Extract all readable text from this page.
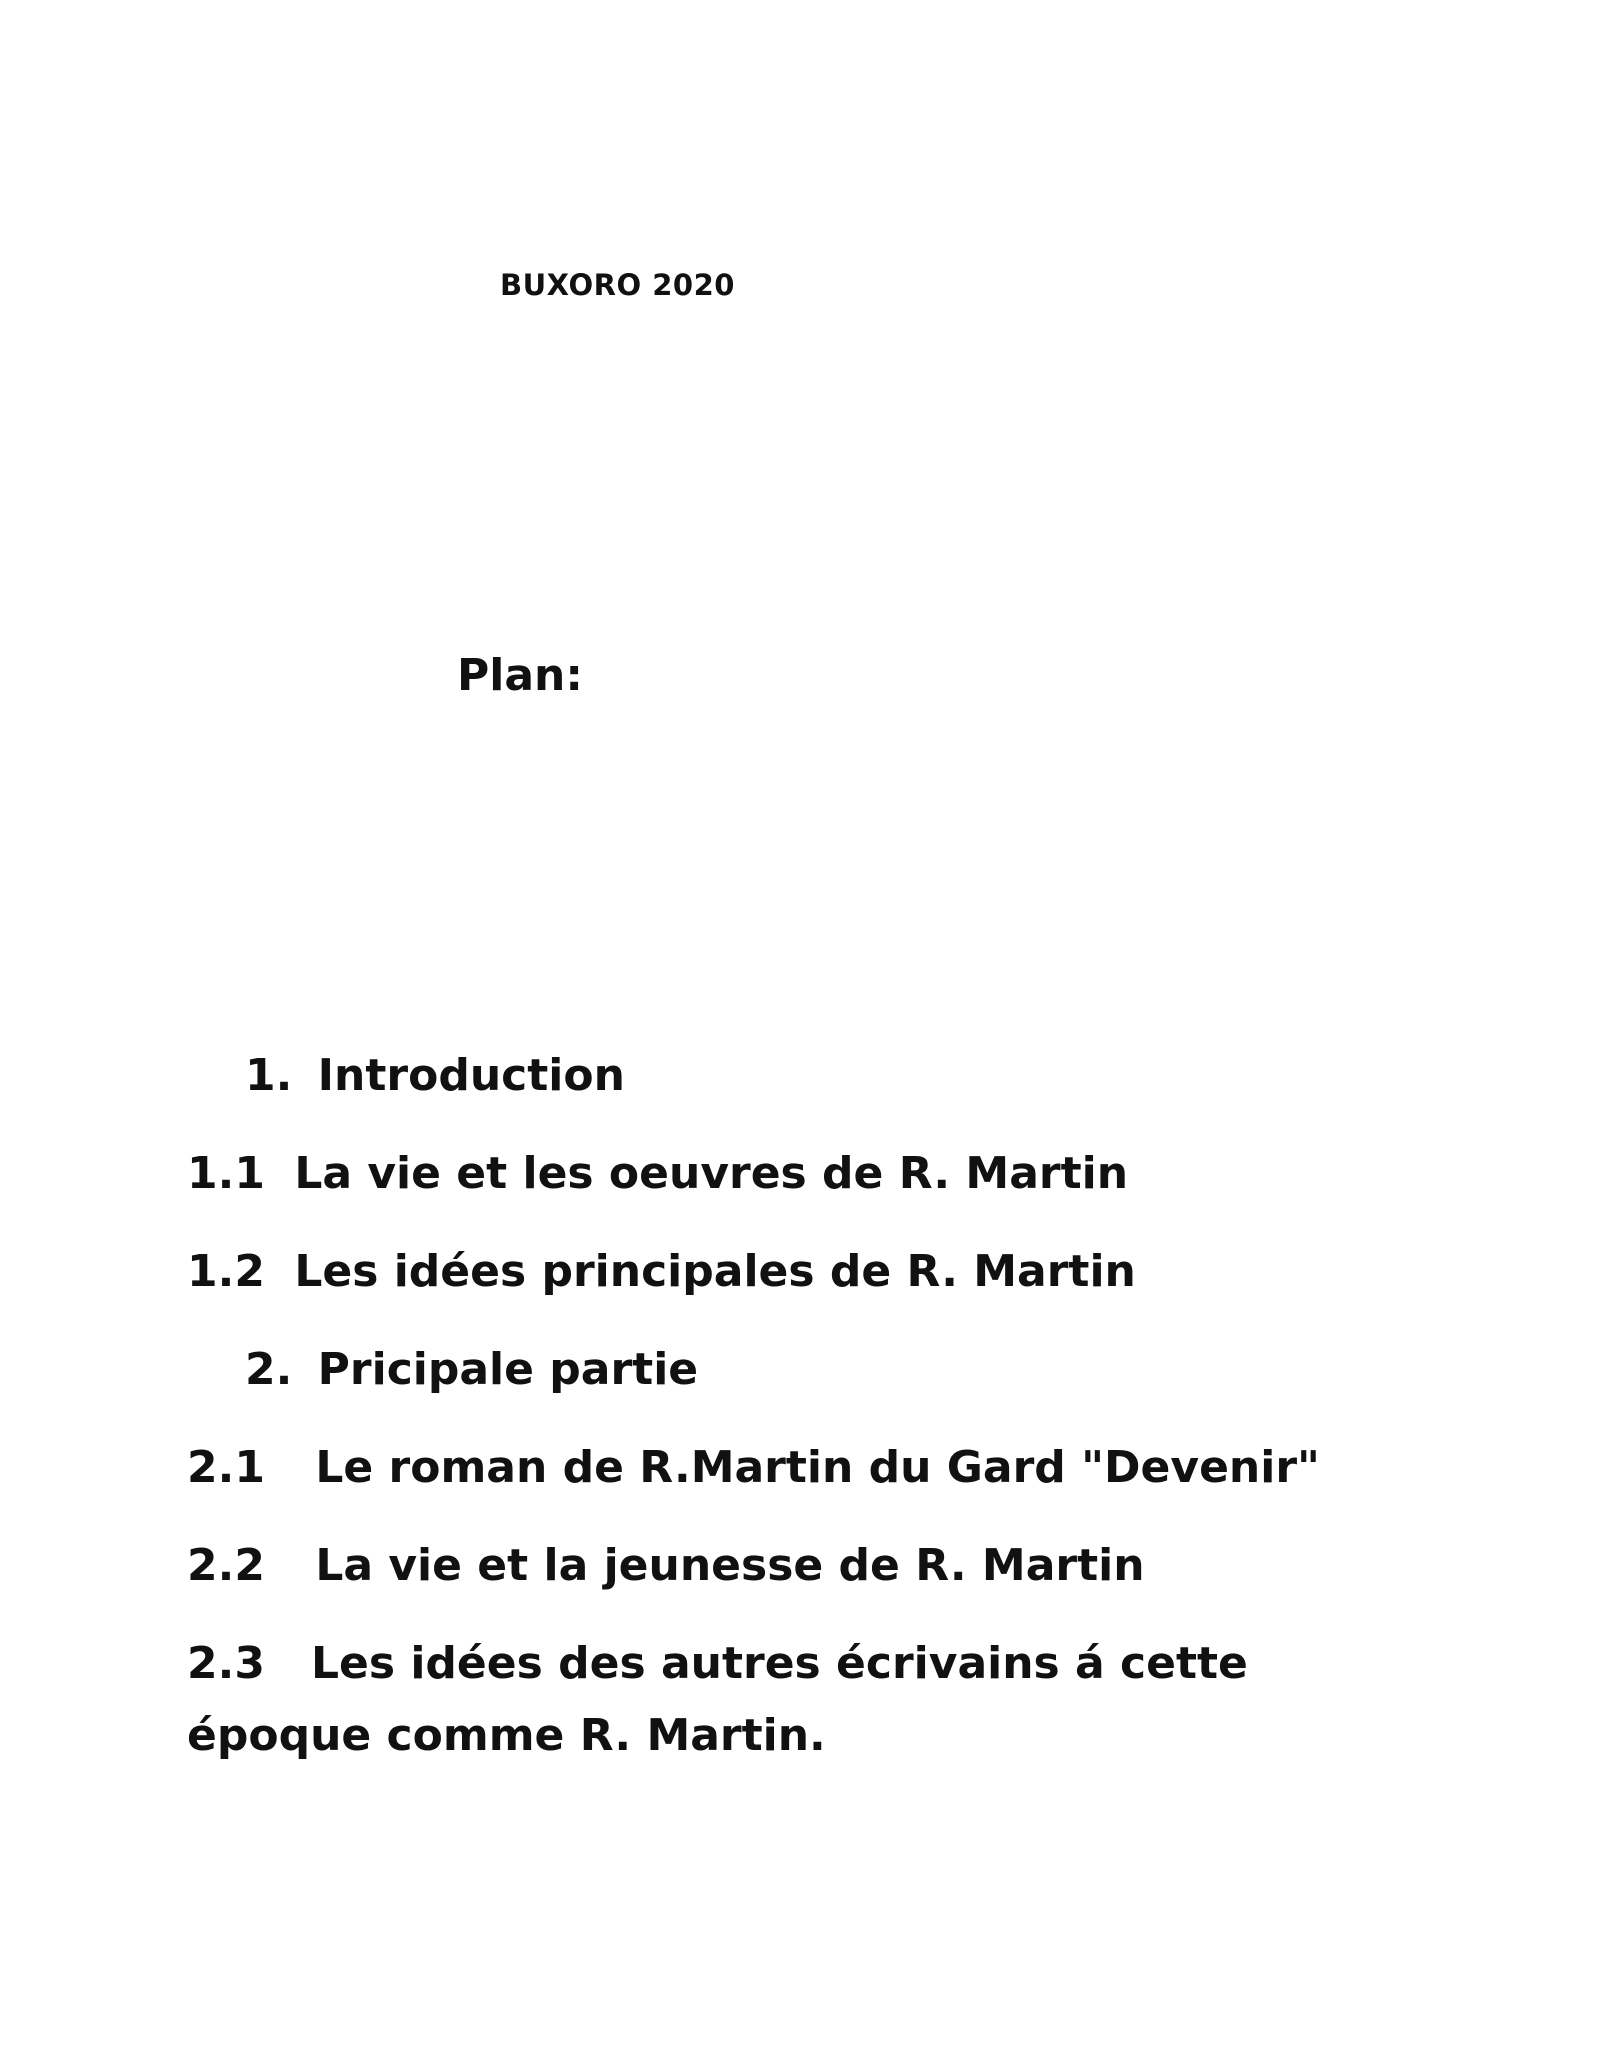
BUXORO 2020
Plan:
1. Introduction
1.1 La vie et les oeuvres de R. Martin
1.2 Les idées principales de R. Martin
2. Pricipale partie
2.1 Le roman de R.Martin du Gard "Devenir"
2.2 La vie et la jeunesse de R. Martin
2.3 Les idées des autres écrivains á cette époque comme R. Martin.
